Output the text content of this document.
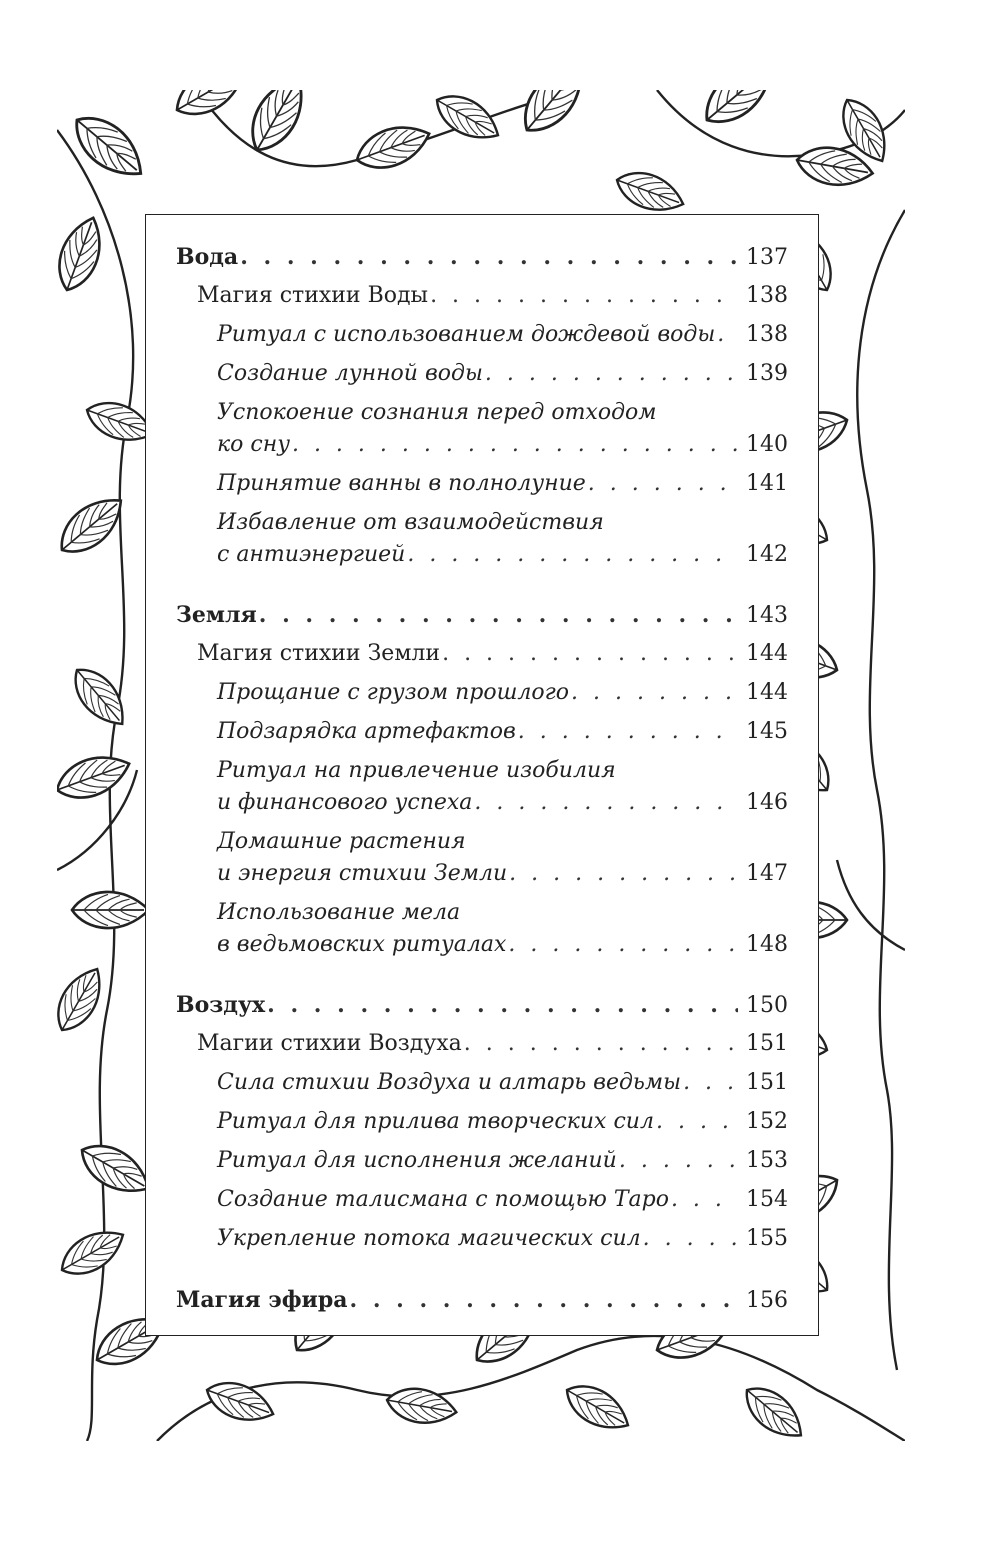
Вода . . .	137
Магия стихии Воды . . .	138
Ритуал с использованием дождевой воды . . . 138
Создание лунной воды . . .	139
Успокоение сознания перед отходом
ко сну . . .	140
Принятие ванны в полнолуние . . .	141
Избавление от взаимодействия
с антиэнергией . . .	142
Земля . . .	143
Магия стихии Земли . . .	144
Прощание с грузом прошлого . . .	144
Подзарядка артефактов . . .	145
Ритуал на привлечение изобилия
и финансового успеха . . .	146
Домашние растения
и энергия стихии Земли . . .	147
Использование мела
в ведьмовских ритуалах . . .	148
Воздух . . .	150
Магии стихии Воздуха . . .	151
Сила стихии Воздуха и алтарь ведьмы . . .	151
Ритуал для прилива творческих сил . . .	152
Ритуал для исполнения желаний . . .	153
Создание талисмана с помощью Таро . . .	154
Укрепление потока магических сил . . .	155
Магия эфира . . .	156
